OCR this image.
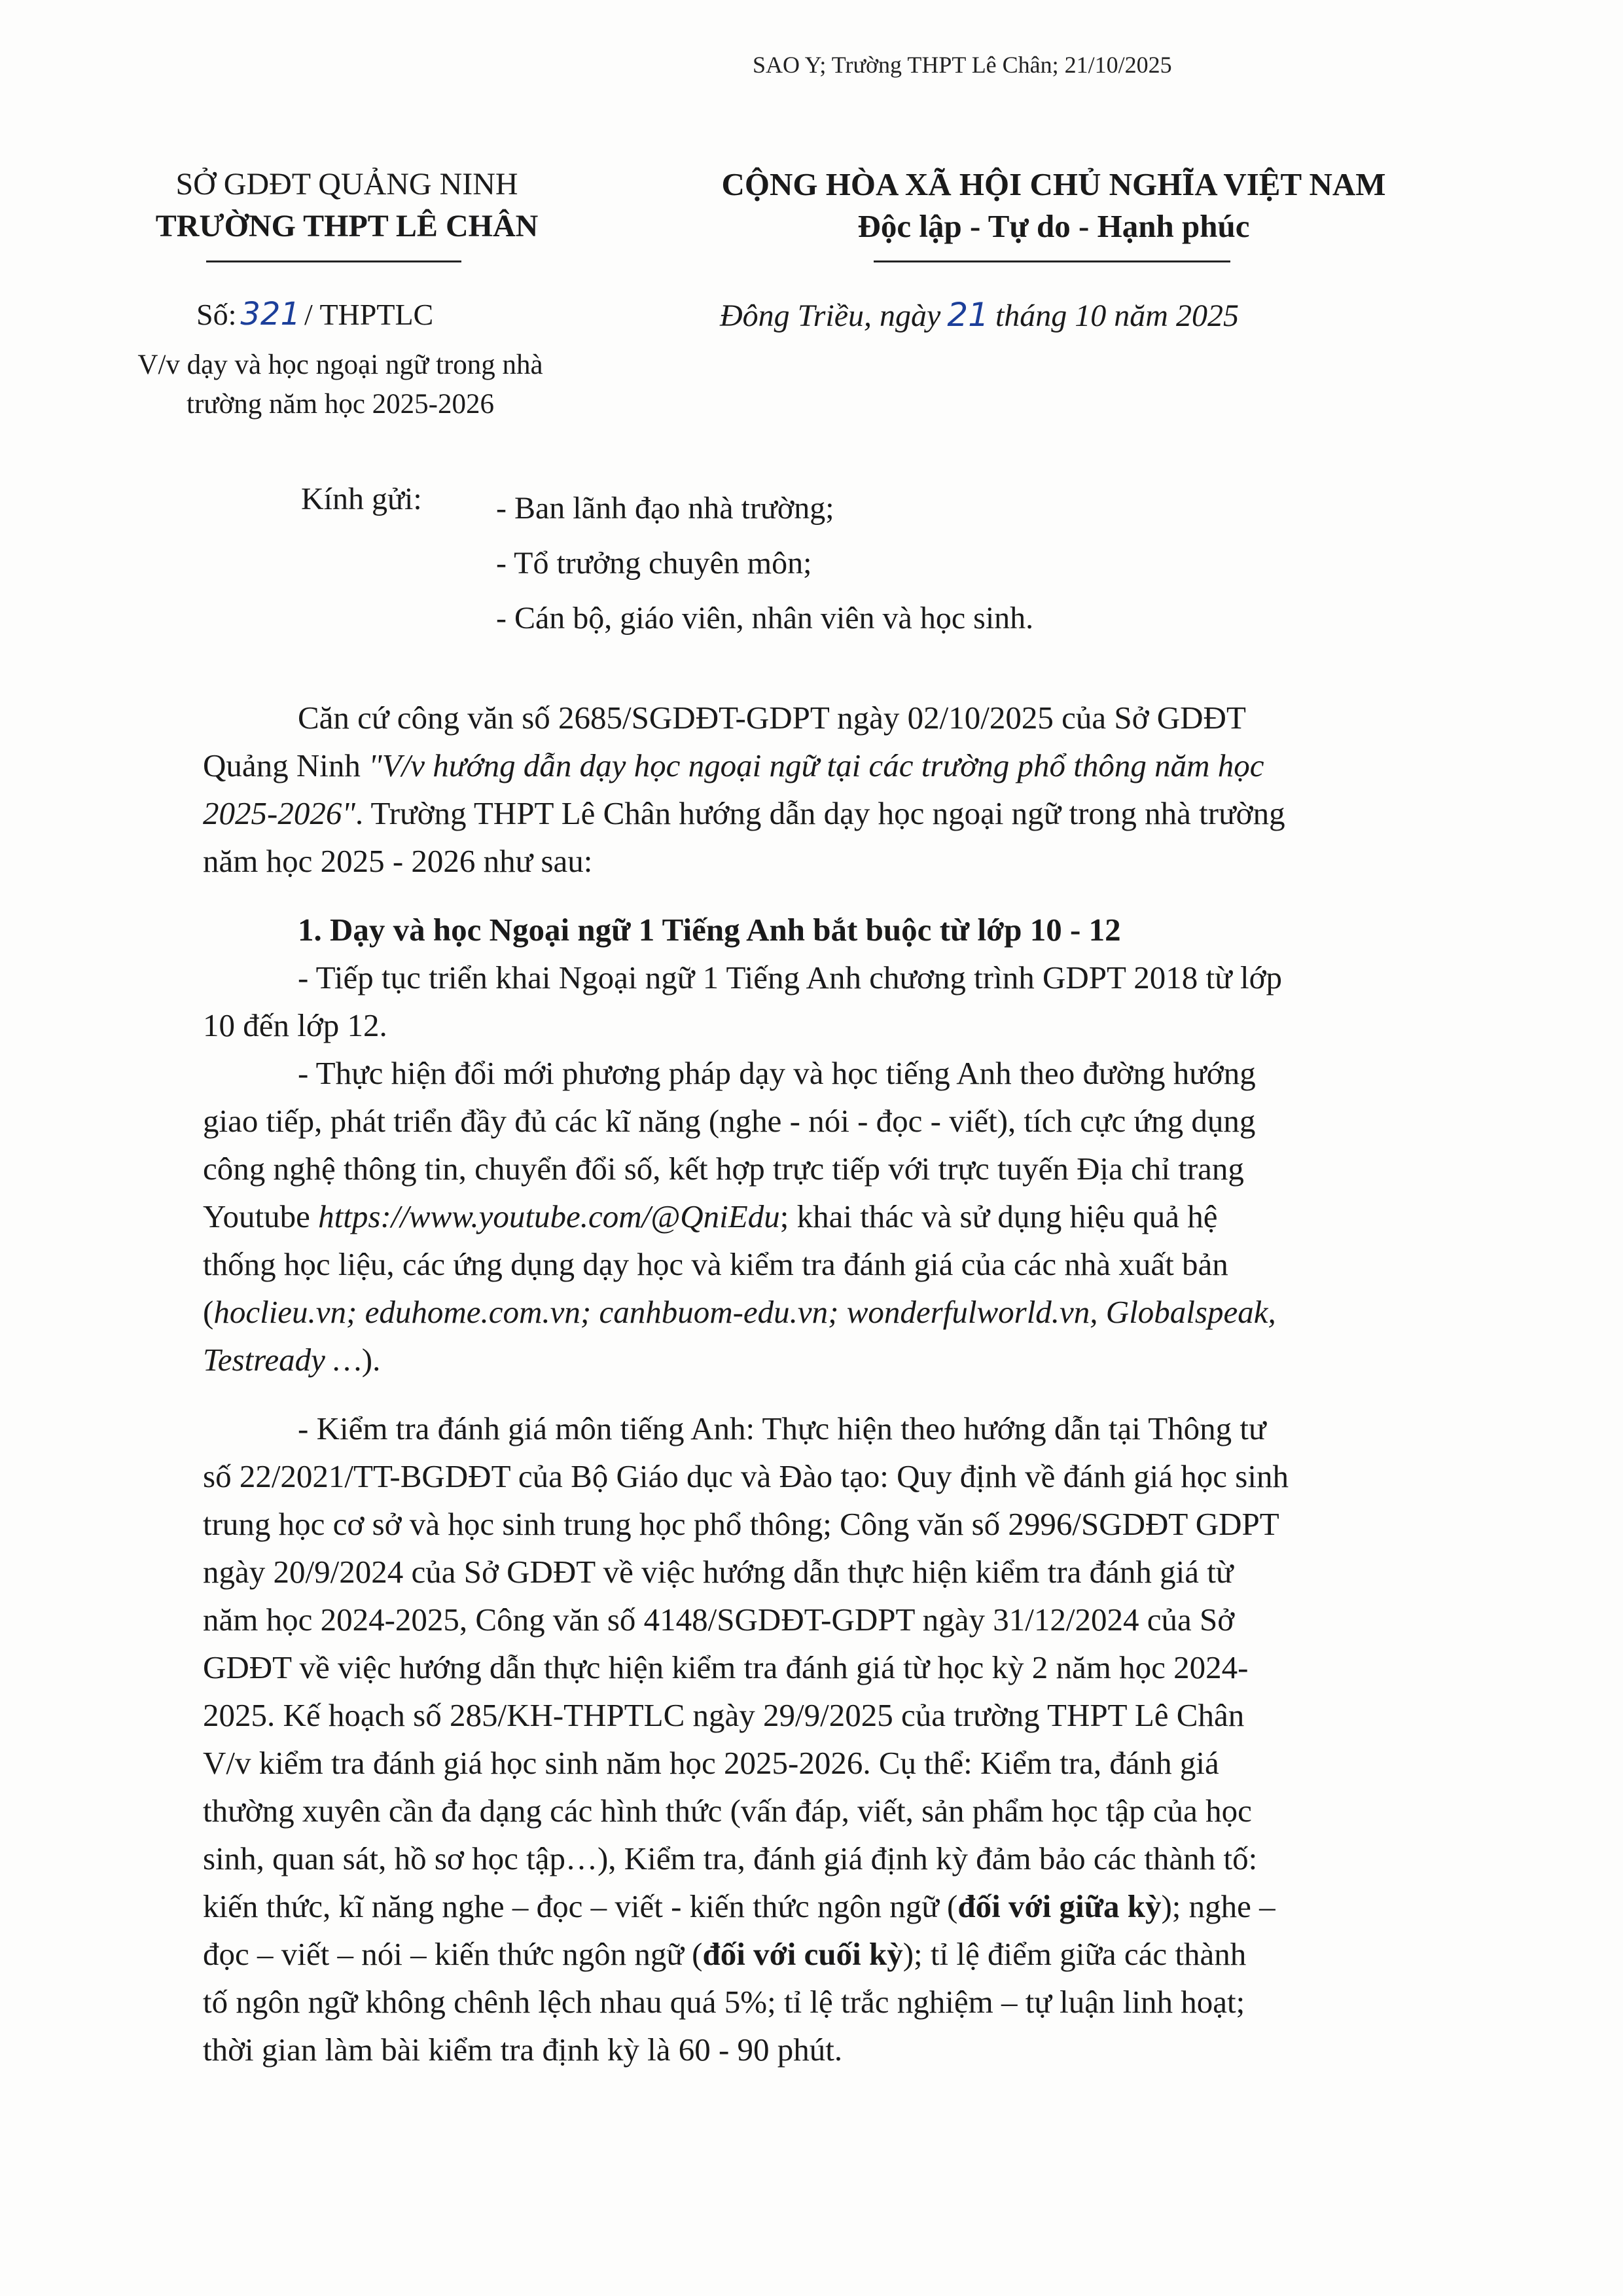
SAO Y; Trường THPT Lê Chân; 21/10/2025
SỞ GDĐT QUẢNG NINH
TRƯỜNG THPT LÊ CHÂN
CỘNG HÒA XÃ HỘI CHỦ NGHĨA VIỆT NAM
Độc lập - Tự do - Hạnh phúc
Số: 321 / THPTLC
V/v dạy và học ngoại ngữ trong nhà
trường năm học 2025-2026
Đông Triều, ngày 21 tháng 10 năm 2025
Kính gửi: - Ban lãnh đạo nhà trường;
- Tổ trưởng chuyên môn;
- Cán bộ, giáo viên, nhân viên và học sinh.
Căn cứ công văn số 2685/SGDĐT-GDPT ngày 02/10/2025 của Sở GDĐT
Quảng Ninh "V/v hướng dẫn dạy học ngoại ngữ tại các trường phổ thông năm học
2025-2026". Trường THPT Lê Chân hướng dẫn dạy học ngoại ngữ trong nhà trường
năm học 2025 - 2026 như sau:
1. Dạy và học Ngoại ngữ 1 Tiếng Anh bắt buộc từ lớp 10 - 12
- Tiếp tục triển khai Ngoại ngữ 1 Tiếng Anh chương trình GDPT 2018 từ lớp
10 đến lớp 12.
- Thực hiện đổi mới phương pháp dạy và học tiếng Anh theo đường hướng
giao tiếp, phát triển đầy đủ các kĩ năng (nghe - nói - đọc - viết), tích cực ứng dụng
công nghệ thông tin, chuyển đổi số, kết hợp trực tiếp với trực tuyến Địa chỉ trang
Youtube https://www.youtube.com/@QniEdu; khai thác và sử dụng hiệu quả hệ
thống học liệu, các ứng dụng dạy học và kiểm tra đánh giá của các nhà xuất bản
(hoclieu.vn; eduhome.com.vn; canhbuom-edu.vn; wonderfulworld.vn, Globalspeak,
Testready …).
- Kiểm tra đánh giá môn tiếng Anh: Thực hiện theo hướng dẫn tại Thông tư
số 22/2021/TT-BGDĐT của Bộ Giáo dục và Đào tạo: Quy định về đánh giá học sinh
trung học cơ sở và học sinh trung học phổ thông; Công văn số 2996/SGDĐT GDPT
ngày 20/9/2024 của Sở GDĐT về việc hướng dẫn thực hiện kiểm tra đánh giá từ
năm học 2024-2025, Công văn số 4148/SGDĐT-GDPT ngày 31/12/2024 của Sở
GDĐT về việc hướng dẫn thực hiện kiểm tra đánh giá từ học kỳ 2 năm học 2024-
2025. Kế hoạch số 285/KH-THPTLC ngày 29/9/2025 của trường THPT Lê Chân
V/v kiểm tra đánh giá học sinh năm học 2025-2026. Cụ thể: Kiểm tra, đánh giá
thường xuyên cần đa dạng các hình thức (vấn đáp, viết, sản phẩm học tập của học
sinh, quan sát, hồ sơ học tập…), Kiểm tra, đánh giá định kỳ đảm bảo các thành tố:
kiến thức, kĩ năng nghe – đọc – viết - kiến thức ngôn ngữ (đối với giữa kỳ); nghe –
đọc – viết – nói – kiến thức ngôn ngữ (đối với cuối kỳ); tỉ lệ điểm giữa các thành
tố ngôn ngữ không chênh lệch nhau quá 5%; tỉ lệ trắc nghiệm – tự luận linh hoạt;
thời gian làm bài kiểm tra định kỳ là 60 - 90 phút.
